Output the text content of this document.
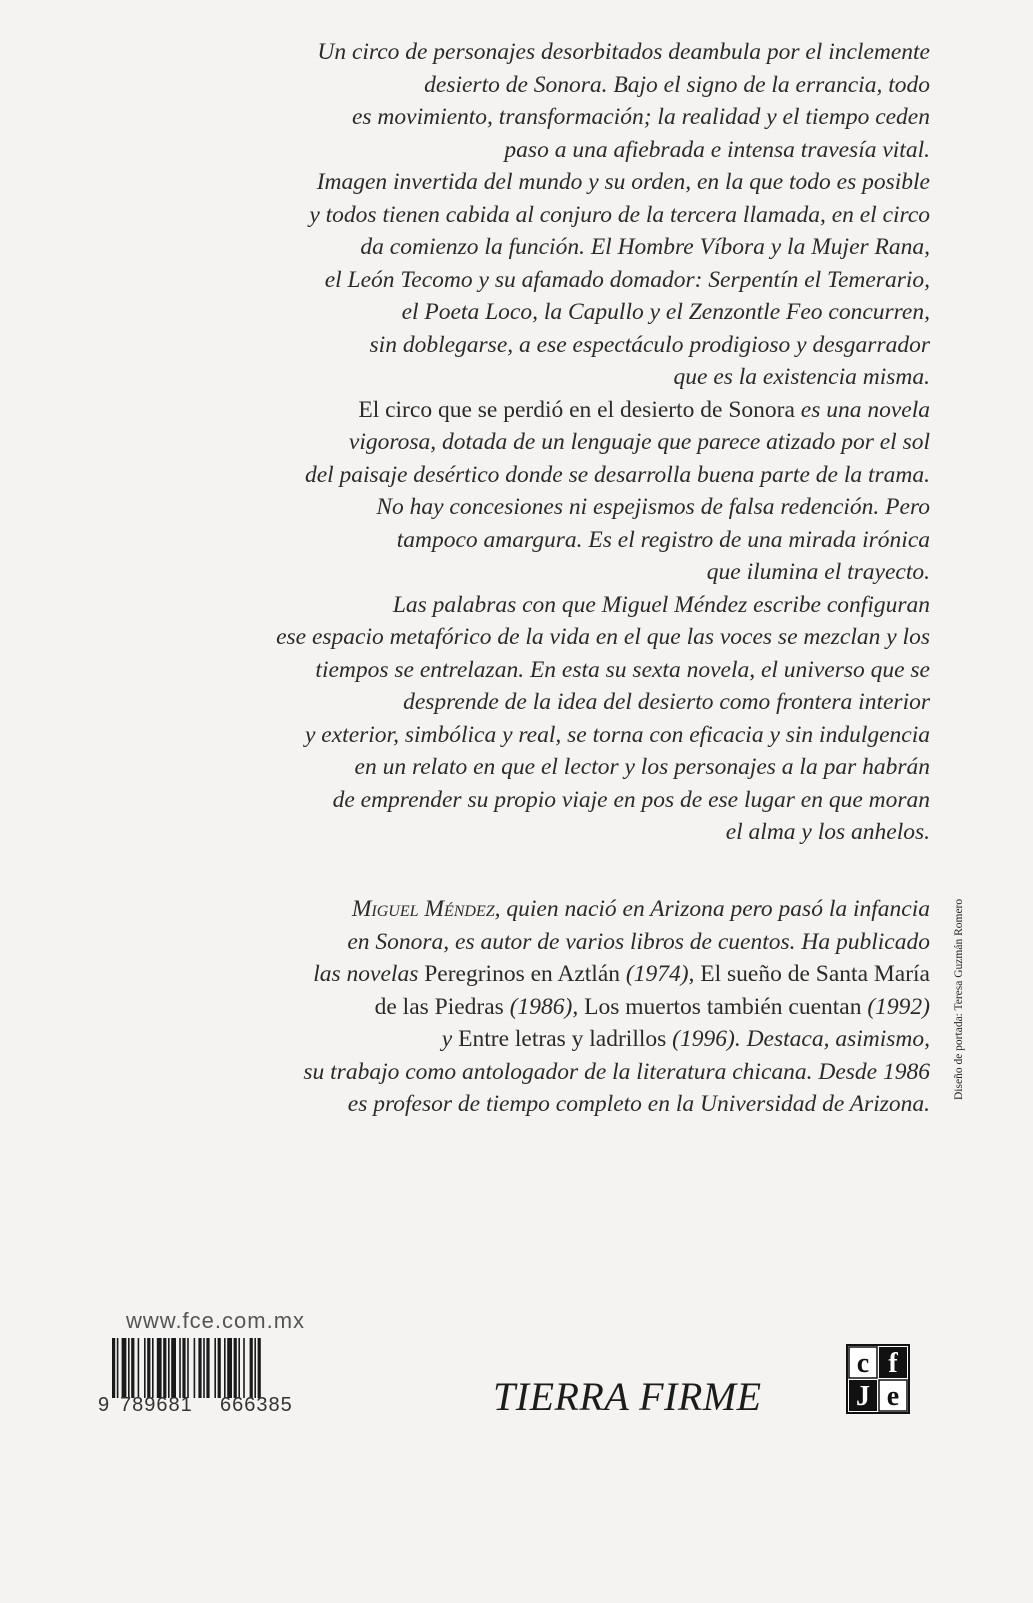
Un circo de personajes desorbitados deambula por el inclemente
desierto de Sonora. Bajo el signo de la errancia, todo
es movimiento, transformación; la realidad y el tiempo ceden
paso a una afiebrada e intensa travesía vital.
Imagen invertida del mundo y su orden, en la que todo es posible
y todos tienen cabida al conjuro de la tercera llamada, en el circo
da comienzo la función. El Hombre Víbora y la Mujer Rana,
el León Tecomo y su afamado domador: Serpentín el Temerario,
el Poeta Loco, la Capullo y el Zenzontle Feo concurren,
sin doblegarse, a ese espectáculo prodigioso y desgarrador
que es la existencia misma.
El circo que se perdió en el desierto de Sonora es una novela
vigorosa, dotada de un lenguaje que parece atizado por el sol
del paisaje desértico donde se desarrolla buena parte de la trama.
No hay concesiones ni espejismos de falsa redención. Pero
tampoco amargura. Es el registro de una mirada irónica
que ilumina el trayecto.
Las palabras con que Miguel Méndez escribe configuran
ese espacio metafórico de la vida en el que las voces se mezclan y los
tiempos se entrelazan. En esta su sexta novela, el universo que se
desprende de la idea del desierto como frontera interior
y exterior, simbólica y real, se torna con eficacia y sin indulgencia
en un relato en que el lector y los personajes a la par habrán
de emprender su propio viaje en pos de ese lugar en que moran
el alma y los anhelos.
Miguel Méndez, quien nació en Arizona pero pasó la infancia
en Sonora, es autor de varios libros de cuentos. Ha publicado
las novelas Peregrinos en Aztlán (1974), El sueño de Santa María
de las Piedras (1986), Los muertos también cuentan (1992)
y Entre letras y ladrillos (1996). Destaca, asimismo,
su trabajo como antologador de la literatura chicana. Desde 1986
es profesor de tiempo completo en la Universidad de Arizona.
Diseño de portada: Teresa Guzmán Romero
www.fce.com.mx
9 789681 666385	TIERRA FIRME
c f
J e
